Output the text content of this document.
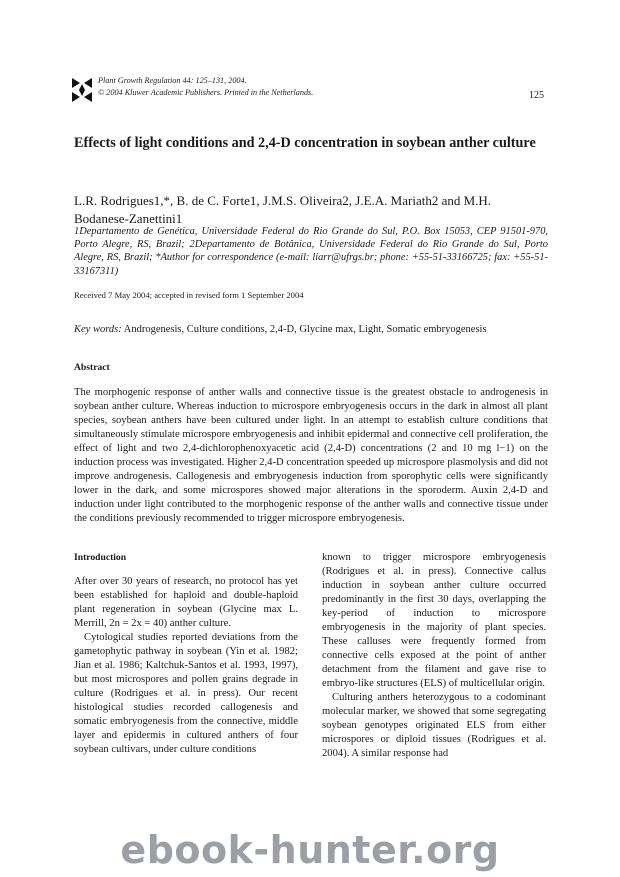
Plant Growth Regulation 44: 125–131, 2004.
© 2004 Kluwer Academic Publishers. Printed in the Netherlands.	125
Effects of light conditions and 2,4-D concentration in soybean anther culture
L.R. Rodrigues1,*, B. de C. Forte1, J.M.S. Oliveira2, J.E.A. Mariath2 and M.H. Bodanese-Zanettini1
1Departamento de Genética, Universidade Federal do Rio Grande do Sul, P.O. Box 15053, CEP 91501-970, Porto Alegre, RS, Brazil; 2Departamento de Botânica, Universidade Federal do Rio Grande do Sul, Porto Alegre, RS, Brazil; *Author for correspondence (e-mail: liarr@ufrgs.br; phone: +55-51-33166725; fax: +55-51-33167311)
Received 7 May 2004; accepted in revised form 1 September 2004
Key words: Androgenesis, Culture conditions, 2,4-D, Glycine max, Light, Somatic embryogenesis
Abstract
The morphogenic response of anther walls and connective tissue is the greatest obstacle to androgenesis in soybean anther culture. Whereas induction to microspore embryogenesis occurs in the dark in almost all plant species, soybean anthers have been cultured under light. In an attempt to establish culture conditions that simultaneously stimulate microspore embryogenesis and inhibit epidermal and connective cell proliferation, the effect of light and two 2,4-dichlorophenoxyacetic acid (2,4-D) concentrations (2 and 10 mg l−1) on the induction process was investigated. Higher 2,4-D concentration speeded up microspore plasmolysis and did not improve androgenesis. Callogenesis and embryogenesis induction from sporophytic cells were significantly lower in the dark, and some microspores showed major alterations in the sporoderm. Auxin 2,4-D and induction under light contributed to the morphogenic response of the anther walls and connective tissue under the conditions previously recommended to trigger microspore embryogenesis.
Introduction

After over 30 years of research, no protocol has yet been established for haploid and double-haploid plant regeneration in soybean (Glycine max L. Merrill, 2n = 2x = 40) anther culture.

Cytological studies reported deviations from the gametophytic pathway in soybean (Yin et al. 1982; Jian et al. 1986; Kaltchuk-Santos et al. 1993, 1997), but most microspores and pollen grains degrade in culture (Rodrigues et al. in press). Our recent histological studies recorded callogenesis and somatic embryogenesis from the connective, middle layer and epidermis in cultured anthers of four soybean cultivars, under culture conditions

known to trigger microspore embryogenesis (Rodrigues et al. in press). Connective callus induction in soybean anther culture occurred predominantly in the first 30 days, overlapping the key-period of induction to microspore embryogenesis in the majority of plant species. These calluses were frequently formed from connective cells exposed at the point of anther detachment from the filament and gave rise to embryo-like structures (ELS) of multicellular origin.

Culturing anthers heterozygous to a codominant molecular marker, we showed that some segregating soybean genotypes originated ELS from either microspores or diploid tissues (Rodrigues et al. 2004). A similar response had

ebook-hunter.org
